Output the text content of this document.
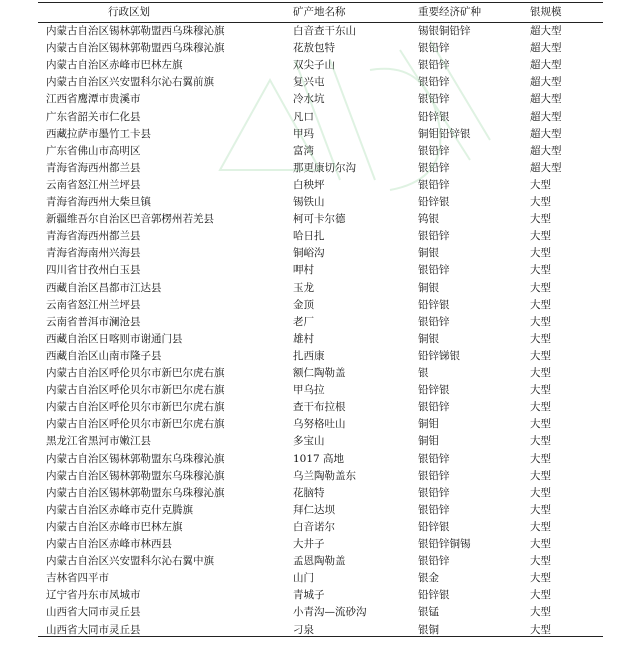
行政区划	矿产地名称	重要经济矿种	银规模
内蒙古自治区锡林郭勒盟西乌珠穆沁旗	白音查干东山	锡银铜铅锌	超大型
内蒙古自治区锡林郭勒盟西乌珠穆沁旗	花敖包特	银铅锌	超大型
内蒙古自治区赤峰市巴林左旗	双尖子山	银铅锌	超大型
内蒙古自治区兴安盟科尔沁右翼前旗	复兴屯	银铅锌	超大型
江西省鹰潭市贵溪市	冷水坑	银铅锌	超大型
广东省韶关市仁化县	凡口	铅锌银	超大型
西藏拉萨市墨竹工卡县	甲玛	铜钼铅锌银	超大型
广东省佛山市高明区	富湾	银铅锌	超大型
青海省海西州都兰县	那更康切尔沟	银铅锌	超大型
云南省怒江州兰坪县	白秧坪	银铅锌	大型
青海省海西州大柴旦镇	锡铁山	铅锌银	大型
新疆维吾尔自治区巴音郭楞州若羌县	柯可卡尔德	钨银	大型
青海省海西州都兰县	哈日扎	银铅锌	大型
青海省海南州兴海县	铜峪沟	铜银	大型
四川省甘孜州白玉县	呷村	银铅锌	大型
西藏自治区昌都市江达县	玉龙	铜银	大型
云南省怒江州兰坪县	金顶	铅锌银	大型
云南省普洱市澜沧县	老厂	银铅锌	大型
西藏自治区日喀则市谢通门县	雄村	铜银	大型
西藏自治区山南市隆子县	扎西康	铅锌锑银	大型
内蒙古自治区呼伦贝尔市新巴尔虎右旗	额仁陶勒盖	银	大型
内蒙古自治区呼伦贝尔市新巴尔虎右旗	甲乌拉	铅锌银	大型
内蒙古自治区呼伦贝尔市新巴尔虎右旗	查干布拉根	银铅锌	大型
内蒙古自治区呼伦贝尔市新巴尔虎右旗	乌努格吐山	铜钼	大型
黑龙江省黑河市嫩江县	多宝山	铜钼	大型
内蒙古自治区锡林郭勒盟东乌珠穆沁旗	1017 高地	银铅锌	大型
内蒙古自治区锡林郭勒盟东乌珠穆沁旗	乌兰陶勒盖东	银铅锌	大型
内蒙古自治区锡林郭勒盟东乌珠穆沁旗	花脑特	银铅锌	大型
内蒙古自治区赤峰市克什克腾旗	拜仁达坝	银铅锌	大型
内蒙古自治区赤峰市巴林左旗	白音诺尔	铅锌银	大型
内蒙古自治区赤峰市林西县	大井子	银铅锌铜锡	大型
内蒙古自治区兴安盟科尔沁右翼中旗	孟恩陶勒盖	银铅锌	大型
吉林省四平市	山门	银金	大型
辽宁省丹东市凤城市	青城子	铅锌银	大型
山西省大同市灵丘县	小青沟—流砂沟	银锰	大型
山西省大同市灵丘县	刁泉	银铜	大型
